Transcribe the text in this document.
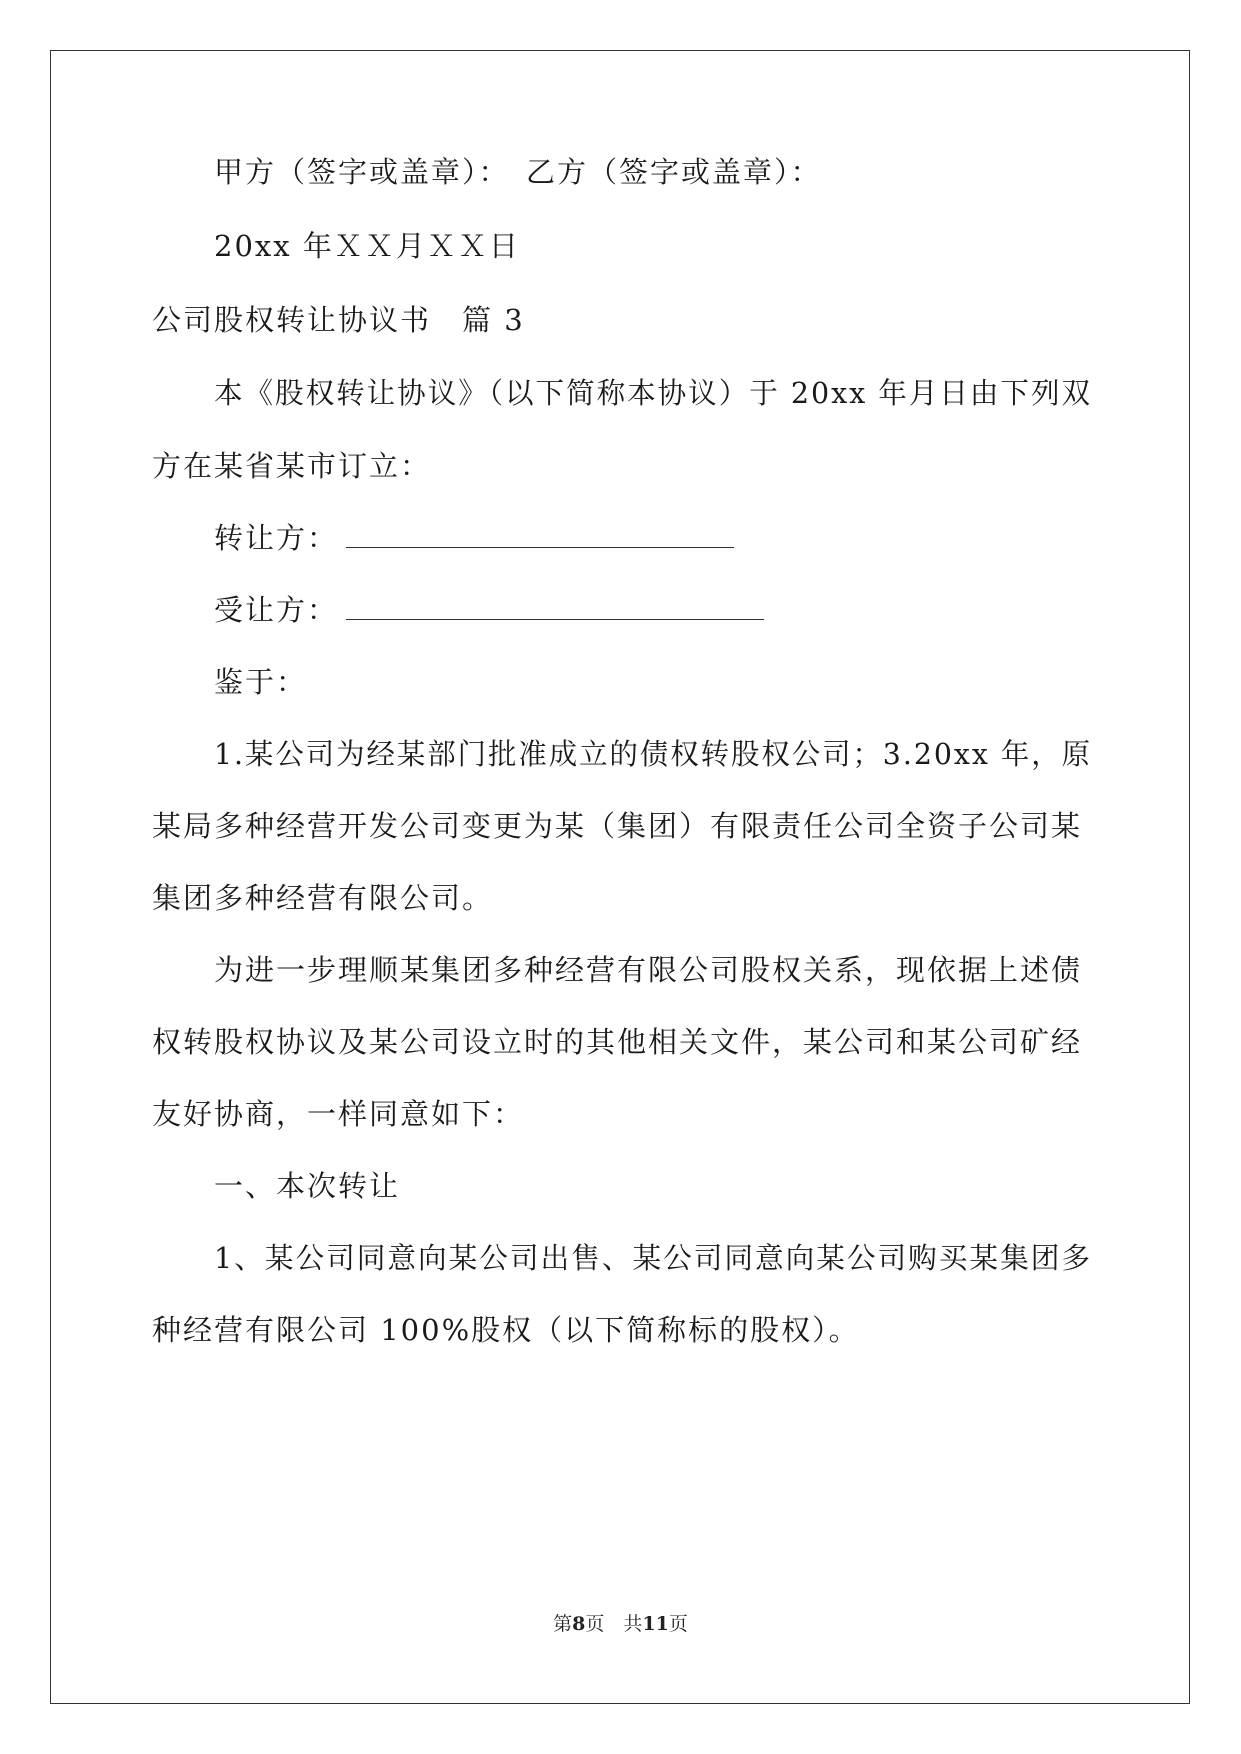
甲方（签字或盖章）：　乙方（签字或盖章）：
20xx 年ＸＸ月ＸＸ日
公司股权转让协议书　篇 3
本《股权转让协议》（以下简称本协议）于 20xx 年月日由下列双
方在某省某市订立：
转让方：
受让方：
鉴于：
1.某公司为经某部门批准成立的债权转股权公司；3.20xx 年，原
某局多种经营开发公司变更为某（集团）有限责任公司全资子公司某
集团多种经营有限公司。
为进一步理顺某集团多种经营有限公司股权关系，现依据上述债
权转股权协议及某公司设立时的其他相关文件，某公司和某公司矿经
友好协商，一样同意如下：
一、本次转让
1、某公司同意向某公司出售、某公司同意向某公司购买某集团多
种经营有限公司 100%股权（以下简称标的股权）。
第8页　共11页
